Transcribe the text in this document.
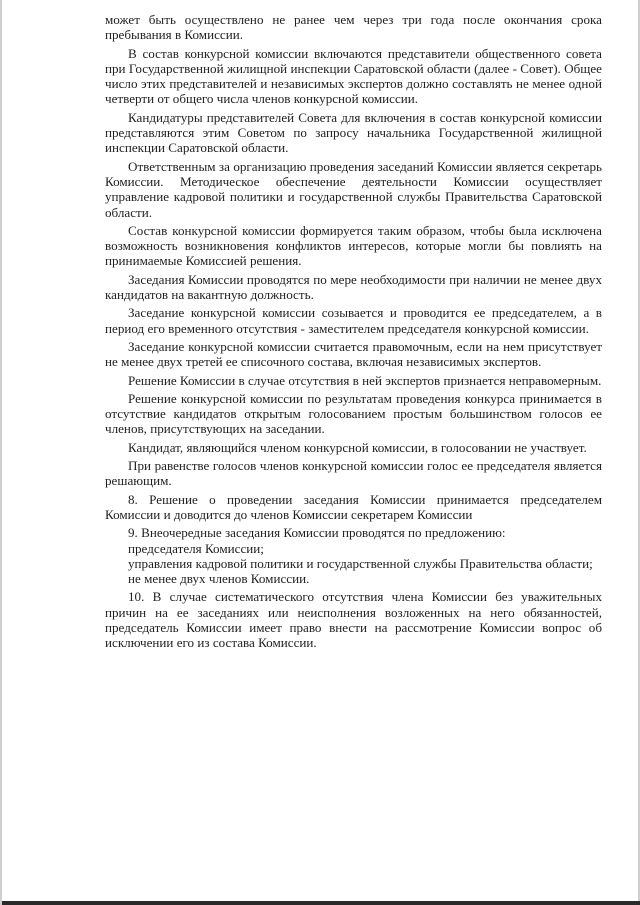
может быть осуществлено не ранее чем через три года после окончания срока пребывания в Комиссии.

В состав конкурсной комиссии включаются представители общественного совета при Государственной жилищной инспекции Саратовской области (далее - Совет). Общее число этих представителей и независимых экспертов должно составлять не менее одной четверти от общего числа членов конкурсной комиссии.

Кандидатуры представителей Совета для включения в состав конкурсной комиссии представляются этим Советом по запросу начальника Государственной жилищной инспекции Саратовской области.

Ответственным за организацию проведения заседаний Комиссии является секретарь Комиссии. Методическое обеспечение деятельности Комиссии осуществляет управление кадровой политики и государственной службы Правительства Саратовской области.

Состав конкурсной комиссии формируется таким образом, чтобы была исключена возможность возникновения конфликтов интересов, которые могли бы повлиять на принимаемые Комиссией решения.

Заседания Комиссии проводятся по мере необходимости при наличии не менее двух кандидатов на вакантную должность.

Заседание конкурсной комиссии созывается и проводится ее председателем, а в период его временного отсутствия - заместителем председателя конкурсной комиссии.

Заседание конкурсной комиссии считается правомочным, если на нем присутствует не менее двух третей ее списочного состава, включая независимых экспертов.

Решение Комиссии в случае отсутствия в ней экспертов признается неправомерным.

Решение конкурсной комиссии по результатам проведения конкурса принимается в отсутствие кандидатов открытым голосованием простым большинством голосов ее членов, присутствующих на заседании.

Кандидат, являющийся членом конкурсной комиссии, в голосовании не участвует.

При равенстве голосов членов конкурсной комиссии голос ее председателя является решающим.

8. Решение о проведении заседания Комиссии принимается председателем Комиссии и доводится до членов Комиссии секретарем Комиссии

9. Внеочередные заседания Комиссии проводятся по предложению:

председателя Комиссии;

управления кадровой политики и государственной службы Правительства области;

не менее двух членов Комиссии.

10. В случае систематического отсутствия члена Комиссии без уважительных причин на ее заседаниях или неисполнения возложенных на него обязанностей, председатель Комиссии имеет право внести на рассмотрение Комиссии вопрос об исключении его из состава Комиссии.
